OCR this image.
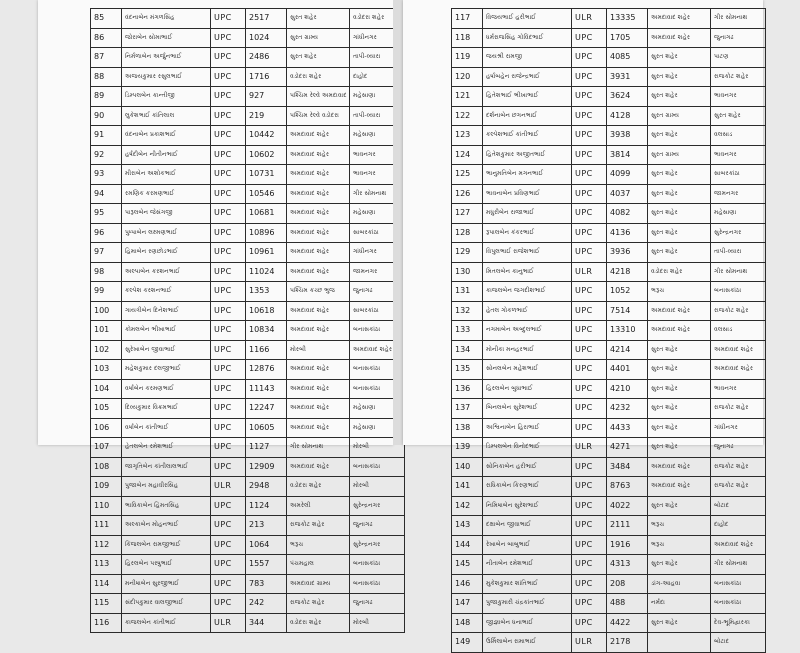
85	વંદનાબેન મંગળસિંહ	UPC	2517	સુરત શહેર	વડોદરા શહેર
86	જોરાબેન સોમાભાઈ	UPC	1024	સુરત ગ્રામ્ય	ગાંધીનગર
87	નિર્મળાબેન અર્જુનભાઈ	UPC	2486	સુરત શહેર	તાપી-વ્યારા
88	અજયકુમાર રસુલભાઈ	UPC	1716	વડોદરા શહેર	દાહોદ
89	ડિમ્પલબેન કાન્તીજી	UPC	927	પશ્ચિમ રેલ્વે અમદાવાદ	મહેસાણા
90	લુકેશભાઈ કાંતિલાલ	UPC	219	પશ્ચિમ રેલ્વે વડોદરા	તાપી-વ્યારા
91	વંદનાબેન પ્રકાશભાઈ	UPC	10442	અમદાવાદ શહેર	મહેસાણા
92	હર્ષદીબેન નીતીનભાઈ	UPC	10602	અમદાવાદ શહેર	ભાવનગર
93	મીરાબેન અશોકભાઈ	UPC	10731	અમદાવાદ શહેર	ભાવનગર
94	રમણિક કરમણભાઈ	UPC	10546	અમદાવાદ શહેર	ગીર સોમનાથ
95	પારૂલબેન જેસંગજી	UPC	10681	અમદાવાદ શહેર	મહેસાણા
96	પુષ્પાબેન લક્ષ્મણભાઈ	UPC	10896	અમદાવાદ શહેર	સાબરકાંઠા
97	હિમાબેન રણછોડભાઈ	UPC	10961	અમદાવાદ શહેર	ગાંધીનગર
98	અલ્પાબેન કરશનભાઈ	UPC	11024	અમદાવાદ શહેર	જામનગર
99	કલ્પેશ કરશનભાઈ	UPC	1353	પશ્ચિમ કચ્છ ભુજ	જુનાગઢ
100	ગાયત્રીબેન દિનેશભાઈ	UPC	10618	અમદાવાદ શહેર	સાબરકાંઠા
101	કોમલબેન ભીખાભાઈ	UPC	10834	અમદાવાદ શહેર	બનાસકાંઠા
102	સુરેખાબેન જીવાભાઈ	UPC	1166	મોરબી	અમદાવાદ શહેર
103	મહેશકુમાર દલજીભાઈ	UPC	12876	અમદાવાદ શહેર	બનાસકાંઠા
104	વર્ષાબેન કરમણભાઈ	UPC	11143	અમદાવાદ શહેર	બનાસકાંઠા
105	દિવ્યકુમાર વિક્રમભાઈ	UPC	12247	અમદાવાદ શહેર	મહેસાણા
106	વર્ષાબેન કાંતીભાઈ	UPC	10605	અમદાવાદ શહેર	મહેસાણા
107	હેતલબેન રમેશભાઈ	UPC	1127	ગીર સોમનાથ	મોરબી
108	જાગૃતિબેન કાંતીલાલભાઈ	UPC	12909	અમદાવાદ શહેર	બનાસકાંઠા
109	પુજાબેન મહાવીરસિંહ	ULR	2948	વડોદરા શહેર	મોરબી
110	ભાવિકાબેન હિંમતસિંહ	UPC	1124	અમરેલી	સુરેન્દ્રનગર
111	અલ્કાબેન મોહનભાઈ	UPC	213	રાજકોટ શહેર	જુનાગઢ
112	કિંજલબેન રામજીભાઈ	UPC	1064	ભરૂચ	સુરેન્દ્રનગર
113	હિરલબેન પરષુભાઈ	UPC	1557	પંચમહાલ	બનાસકાંઠા
114	મનીષાબેન સુરજીભાઈ	UPC	783	અમદાવાદ ગ્રામ્ય	બનાસકાંઠા
115	સંદીપકુમાર વાલજીભાઈ	UPC	242	રાજકોટ શહેર	જુનાગઢ
116	કાજલબેન કાંતીભાઈ	ULR	344	વડોદરા શહેર	મોરબી
117	વિજયભાઈ હરીભાઈ	ULR	13335	અમદાવાદ શહેર	ગીર સોમનાથ
118	ધર્મરાજસિંહ ગોવિંદભાઈ	UPC	1705	અમદાવાદ શહેર	જુનાગઢ
119	જયશ્રી રામજી	UPC	4085	સુરત શહેર	પાટણ
120	હર્ષાબહેન રાજેન્દ્રભાઈ	UPC	3931	સુરત શહેર	રાજકોટ શહેર
121	હિતેશભાઈ ભીખાભાઈ	UPC	3624	સુરત શહેર	ભાવનગર
122	દર્શનાબેન છગનભાઈ	UPC	4128	સુરત ગ્રામ્ય	સુરત શહેર
123	કલ્પેશભાઈ કાંતીભાઈ	UPC	3938	સુરત શહેર	વલસાડ
124	હિતેશકુમાર અજીતભાઈ	UPC	3814	સુરત ગ્રામ્ય	ભાવનગર
125	ભાનુમતિબેન મગનભાઈ	UPC	4099	સુરત શહેર	સાબરકાંઠા
126	ભાવનાબેન પ્રવિણભાઈ	UPC	4037	સુરત શહેર	જામનગર
127	મધુરીબેન રાજાભાઈ	UPC	4082	સુરત શહેર	મહેસાણા
128	રૂપાલબેન કંકરભાઈ	UPC	4136	સુરત શહેર	સુરેન્દ્રનગર
129	વિપુલભાઈ રાજેશભાઈ	UPC	3936	સુરત શહેર	તાપી-વ્યારા
130	મિતલબેન કાનુભાઈ	ULR	4218	વડોદરા શહેર	ગીર સોમનાથ
131	કાજલબેન જગદીશભાઈ	UPC	1052	ભરૂચ	બનાસકાંઠા
132	હેતલ ગોકળભાઈ	UPC	7514	અમદાવાદ શહેર	રાજકોટ શહેર
133	નગમાબેન અબ્દુલભાઈ	UPC	13310	અમદાવાદ શહેર	વલસાડ
134	મોનીકા મનહરભાઈ	UPC	4214	સુરત શહેર	અમદાવાદ શહેર
135	સોનલબેન મહેશભાઈ	UPC	4401	સુરત શહેર	અમદાવાદ શહેર
136	હિરલબેન બુધાભાઈ	UPC	4210	સુરત શહેર	ભાવનગર
137	બિનલબેન સુરેશભાઈ	UPC	4232	સુરત શહેર	રાજકોટ શહેર
138	અશ્વિનાબેન હિરાભાઈ	UPC	4433	સુરત શહેર	ગાંધીનગર
139	ડિમ્પલબેન વિનોદભાઈ	ULR	4271	સુરત શહેર	જુનાગઢ
140	સોનિકાબેન હરીભાઈ	UPC	3484	અમદાવાદ શહેર	રાજકોટ શહેર
141	રાધિકાબેન કિરણભાઈ	UPC	8763	અમદાવાદ શહેર	રાજકોટ શહેર
142	નિમિષાબેન સુરેશભાઈ	UPC	4022	સુરત શહેર	બોટાદ
143	દક્ષાબેન જીવાભાઈ	UPC	2111	ભરૂચ	દાહોદ
144	રેખાબેન બાબુભાઈ	UPC	1916	ભરૂચ	અમદાવાદ શહેર
145	નીતાબેન રમેશભાઈ	UPC	4313	સુરત શહેર	ગીર સોમનાથ
146	મુકેશકુમાર શાંતિભાઈ	UPC	208	ડાંગ-આહવા	બનાસકાંઠા
147	પુજાકુમારી ચંદ્રકાંતભાઈ	UPC	488	નર્મદા	બનાસકાંઠા
148	જીજ્ઞાબેન ધનાભાઈ	UPC	4422	સુરત શહેર	દેવ-ભૂમિદ્વારકા
149	ઉર્મિલાબેન રામાભાઈ	ULR	2178		બોટાદ
